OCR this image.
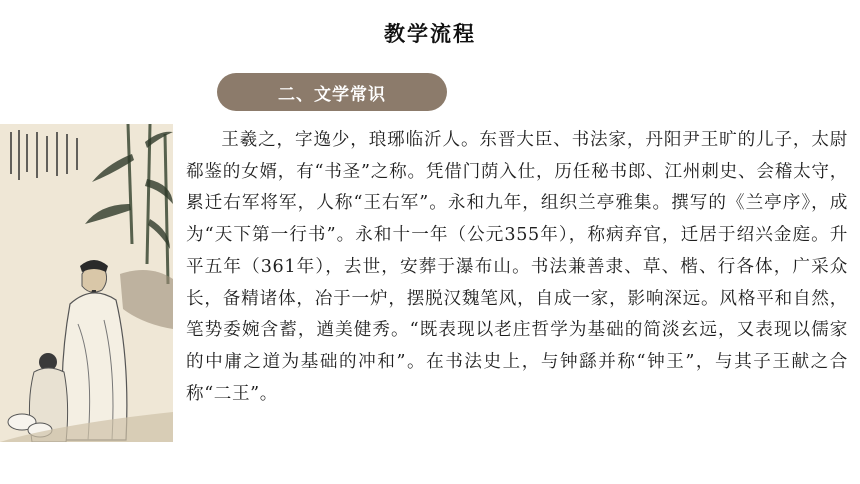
教学流程
二、文学常识

王羲之，字逸少，琅琊临沂人。东晋大臣、书法家，丹阳尹王旷的儿子，太尉郗鉴的女婿，有“书圣”之称。凭借门荫入仕，历任秘书郎、江州刺史、会稽太守，累迁右军将军，人称“王右军”。永和九年，组织兰亭雅集。撰写的《兰亭序》，成为“天下第一行书”。永和十一年（公元355年），称病弃官，迁居于绍兴金庭。升平五年（361年），去世，安葬于瀑布山。书法兼善隶、草、楷、行各体，广采众长，备精诸体，冶于一炉，摆脱汉魏笔风，自成一家，影响深远。风格平和自然，笔势委婉含蓄，遒美健秀。“既表现以老庄哲学为基础的简淡玄远，又表现以儒家的中庸之道为基础的冲和”。在书法史上，与钟繇并称“钟王”，与其子王献之合称“二王”。
